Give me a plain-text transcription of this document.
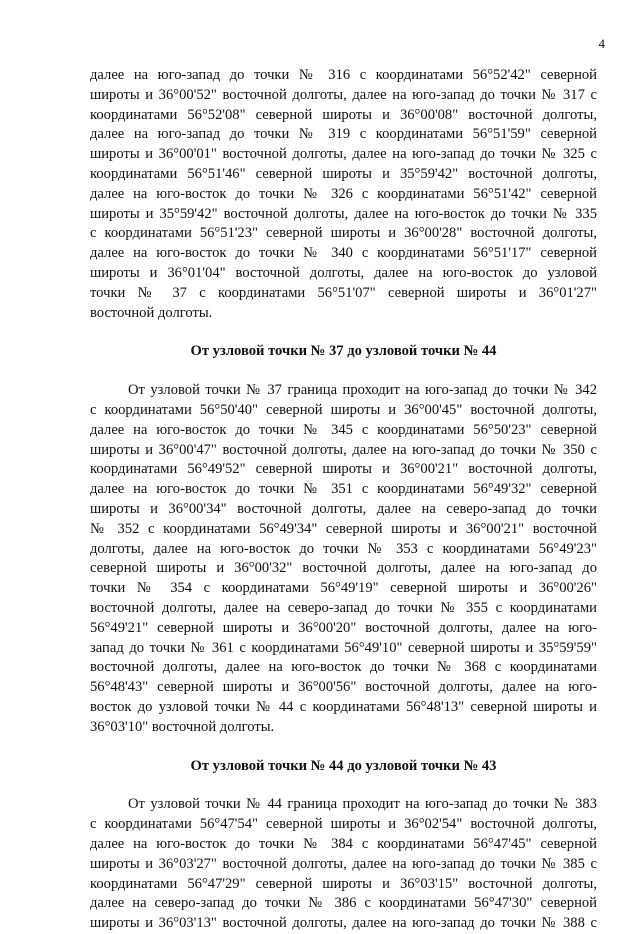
4
далее на юго-запад до точки № 316 с координатами 56°52'42" северной
широты и 36°00'52" восточной долготы, далее на юго-запад до точки № 317 с
координатами 56°52'08" северной широты и 36°00'08" восточной долготы,
далее на юго-запад до точки № 319 с координатами 56°51'59" северной
широты и 36°00'01" восточной долготы, далее на юго-запад до точки № 325 с
координатами 56°51'46" северной широты и 35°59'42" восточной долготы,
далее на юго-восток до точки № 326 с координатами 56°51'42" северной
широты и 35°59'42" восточной долготы, далее на юго-восток до точки № 335
с координатами 56°51'23" северной широты и 36°00'28" восточной долготы,
далее на юго-восток до точки № 340 с координатами 56°51'17" северной
широты и 36°01'04" восточной долготы, далее на юго-восток до узловой
точки № 37 с координатами 56°51'07" северной широты и 36°01'27"
восточной долготы.
От узловой точки № 37 до узловой точки № 44
От узловой точки № 37 граница проходит на юго-запад до точки № 342
с координатами 56°50'40" северной широты и 36°00'45" восточной долготы,
далее на юго-восток до точки № 345 с координатами 56°50'23" северной
широты и 36°00'47" восточной долготы, далее на юго-запад до точки № 350 с
координатами 56°49'52" северной широты и 36°00'21" восточной долготы,
далее на юго-восток до точки № 351 с координатами 56°49'32" северной
широты и 36°00'34" восточной долготы, далее на северо-запад до точки
№ 352 с координатами 56°49'34" северной широты и 36°00'21" восточной
долготы, далее на юго-восток до точки № 353 с координатами 56°49'23"
северной широты и 36°00'32" восточной долготы, далее на юго-запад до
точки № 354 с координатами 56°49'19" северной широты и 36°00'26"
восточной долготы, далее на северо-запад до точки № 355 с координатами
56°49'21" северной широты и 36°00'20" восточной долготы, далее на юго-
запад до точки № 361 с координатами 56°49'10" северной широты и 35°59'59"
восточной долготы, далее на юго-восток до точки № 368 с координатами
56°48'43" северной широты и 36°00'56" восточной долготы, далее на юго-
восток до узловой точки № 44 с координатами 56°48'13" северной широты и
36°03'10" восточной долготы.
От узловой точки № 44 до узловой точки № 43
От узловой точки № 44 граница проходит на юго-запад до точки № 383
с координатами 56°47'54" северной широты и 36°02'54" восточной долготы,
далее на юго-восток до точки № 384 с координатами 56°47'45" северной
широты и 36°03'27" восточной долготы, далее на юго-запад до точки № 385 с
координатами 56°47'29" северной широты и 36°03'15" восточной долготы,
далее на северо-запад до точки № 386 с координатами 56°47'30" северной
широты и 36°03'13" восточной долготы, далее на юго-запад до точки № 388 с
